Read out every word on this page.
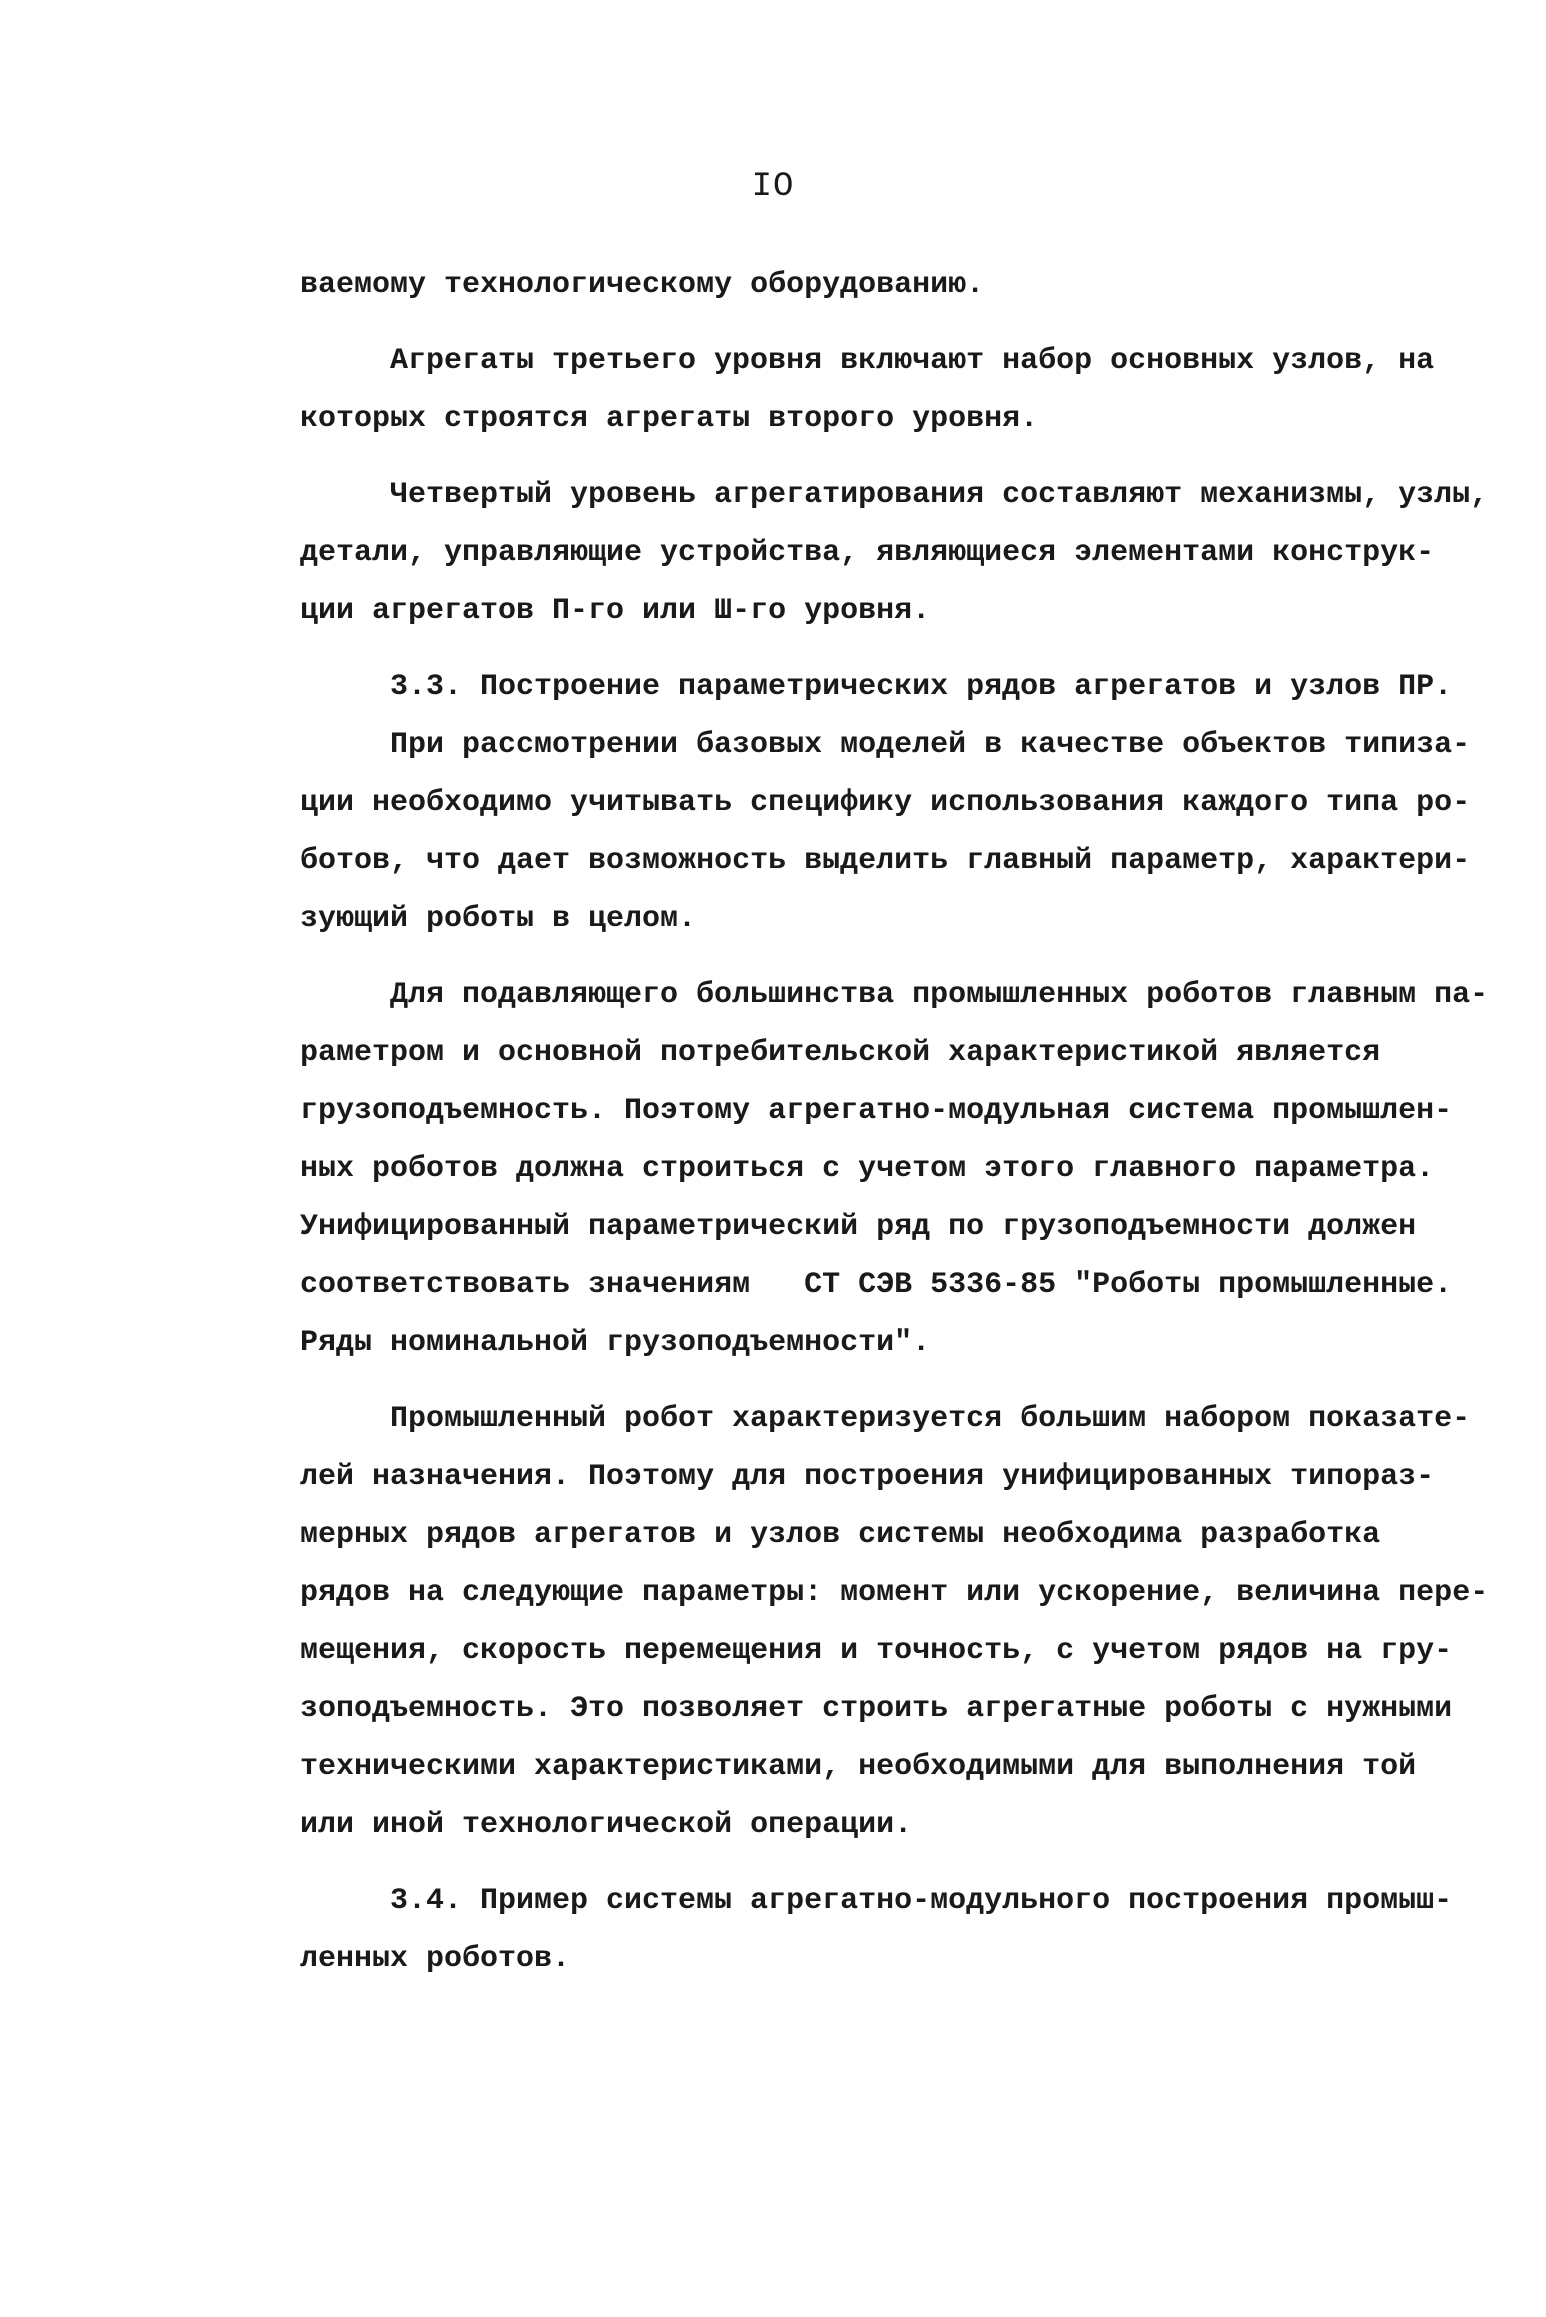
IO
ваемому технологическому оборудованию.
Агрегаты третьего уровня включают набор основных узлов, на
которых строятся агрегаты второго уровня.
Четвертый уровень агрегатирования составляют механизмы, узлы,
детали, управляющие устройства, являющиеся элементами конструк-
ции агрегатов П-го или Ш-го уровня.
3.3. Построение параметрических рядов агрегатов и узлов ПР.
При рассмотрении базовых моделей в качестве объектов типиза-
ции необходимо учитывать специфику использования каждого типа ро-
ботов, что дает возможность выделить главный параметр, характери-
зующий роботы в целом.
Для подавляющего большинства промышленных роботов главным па-
раметром и основной потребительской характеристикой является
грузоподъемность. Поэтому агрегатно-модульная система промышлен-
ных роботов должна строиться с учетом этого главного параметра.
Унифицированный параметрический ряд по грузоподъемности должен
соответствовать значениям   СТ СЭВ 5336-85 "Роботы промышленные.
Ряды номинальной грузоподъемности".
Промышленный робот характеризуется большим набором показате-
лей назначения. Поэтому для построения унифицированных типораз-
мерных рядов агрегатов и узлов системы необходима разработка
рядов на следующие параметры: момент или ускорение, величина пере-
мещения, скорость перемещения и точность, с учетом рядов на гру-
зоподъемность. Это позволяет строить агрегатные роботы с нужными
техническими характеристиками, необходимыми для выполнения той
или иной технологической операции.
3.4. Пример системы агрегатно-модульного построения промыш-
ленных роботов.
